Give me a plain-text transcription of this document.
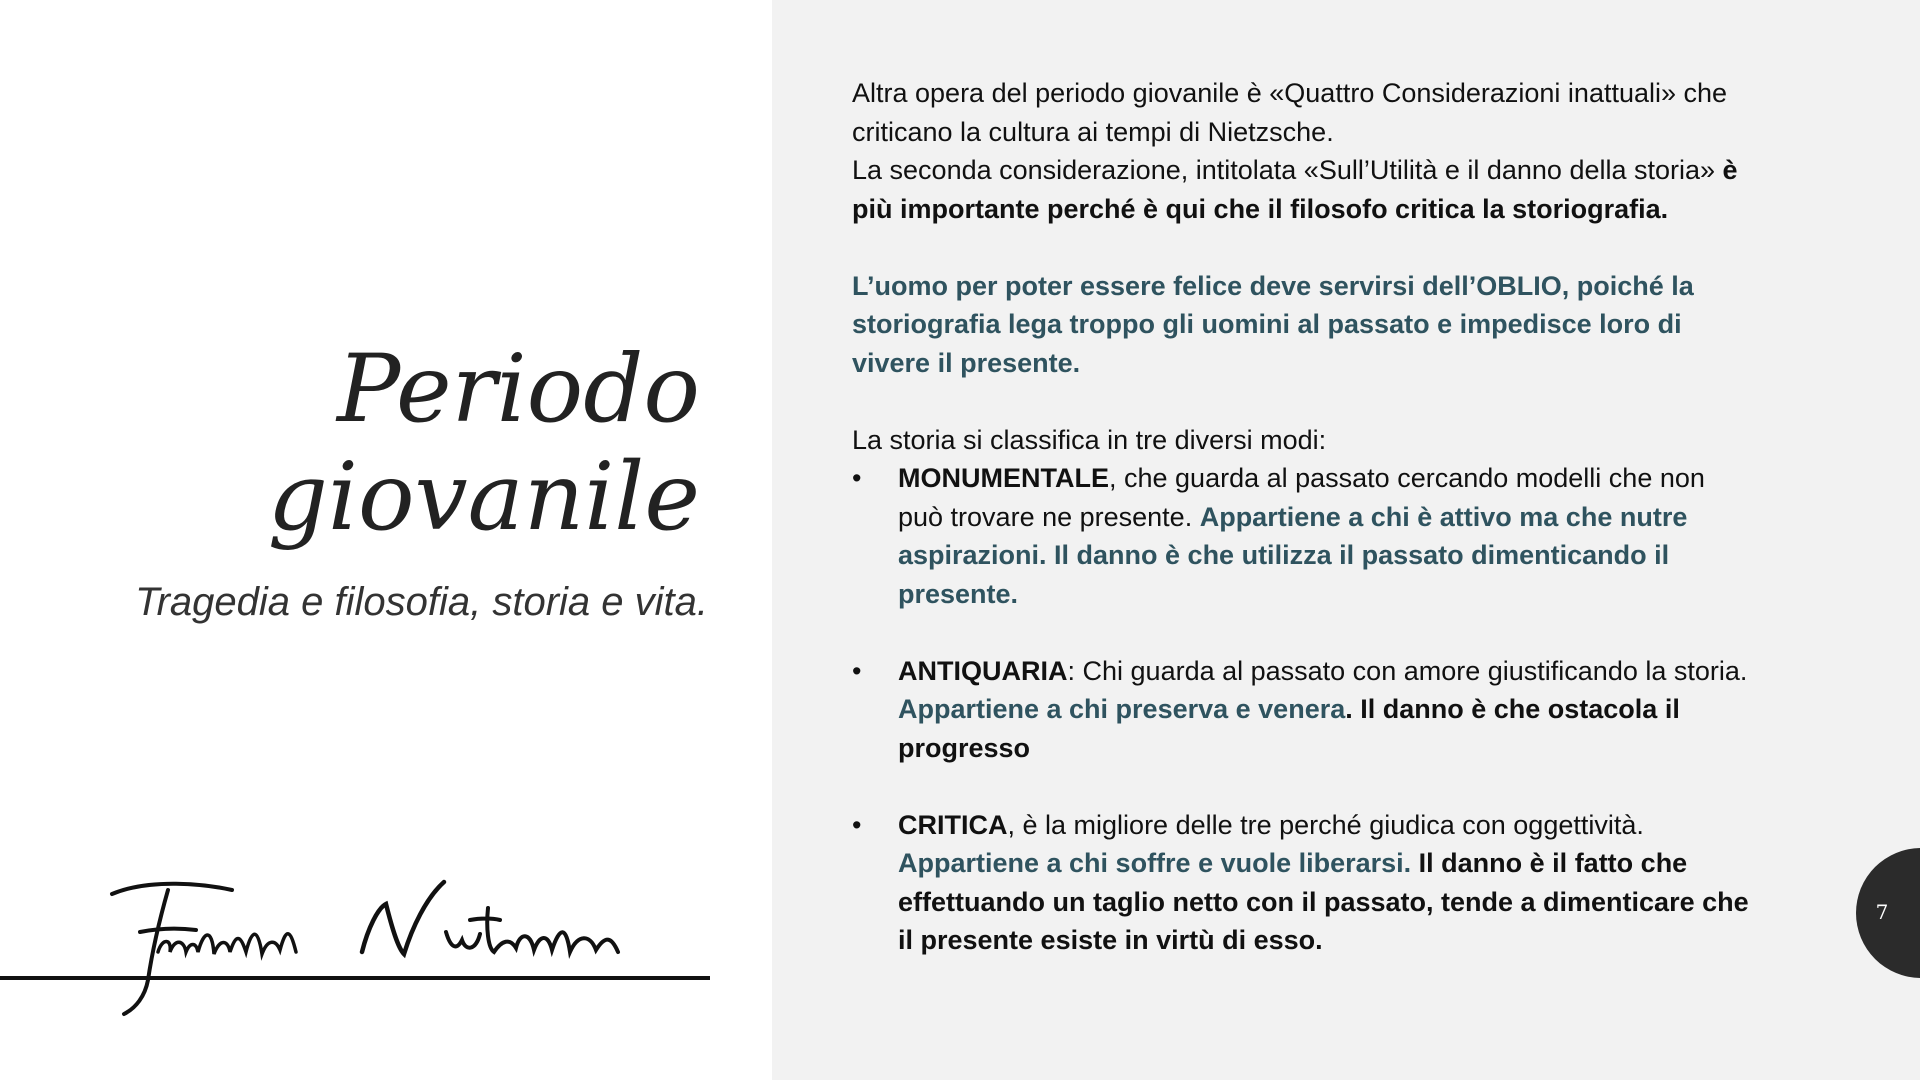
Periodo
giovanile

Tragedia e filosofia, storia e vita.

Altra opera del periodo giovanile è «Quattro Considerazioni inattuali» che criticano la cultura ai tempi di Nietzsche.

La seconda considerazione, intitolata «Sull’Utilità e il danno della storia» è più importante perché è qui che il filosofo critica la storiografia.

L’uomo per poter essere felice deve servirsi dell’OBLIO, poiché la storiografia lega troppo gli uomini al passato e impedisce loro di vivere il presente.

La storia si classifica in tre diversi modi:

• MONUMENTALE, che guarda al passato cercando modelli che non può trovare ne presente. Appartiene a chi è attivo ma che nutre aspirazioni. Il danno è che utilizza il passato dimenticando il presente.
• ANTIQUARIA: Chi guarda al passato con amore giustificando la storia. Appartiene a chi preserva e venera. Il danno è che ostacola il progresso
• CRITICA, è la migliore delle tre perché giudica con oggettività. Appartiene a chi soffre e vuole liberarsi. Il danno è il fatto che effettuando un taglio netto con il passato, tende a dimenticare che il presente esiste in virtù di esso.
7
